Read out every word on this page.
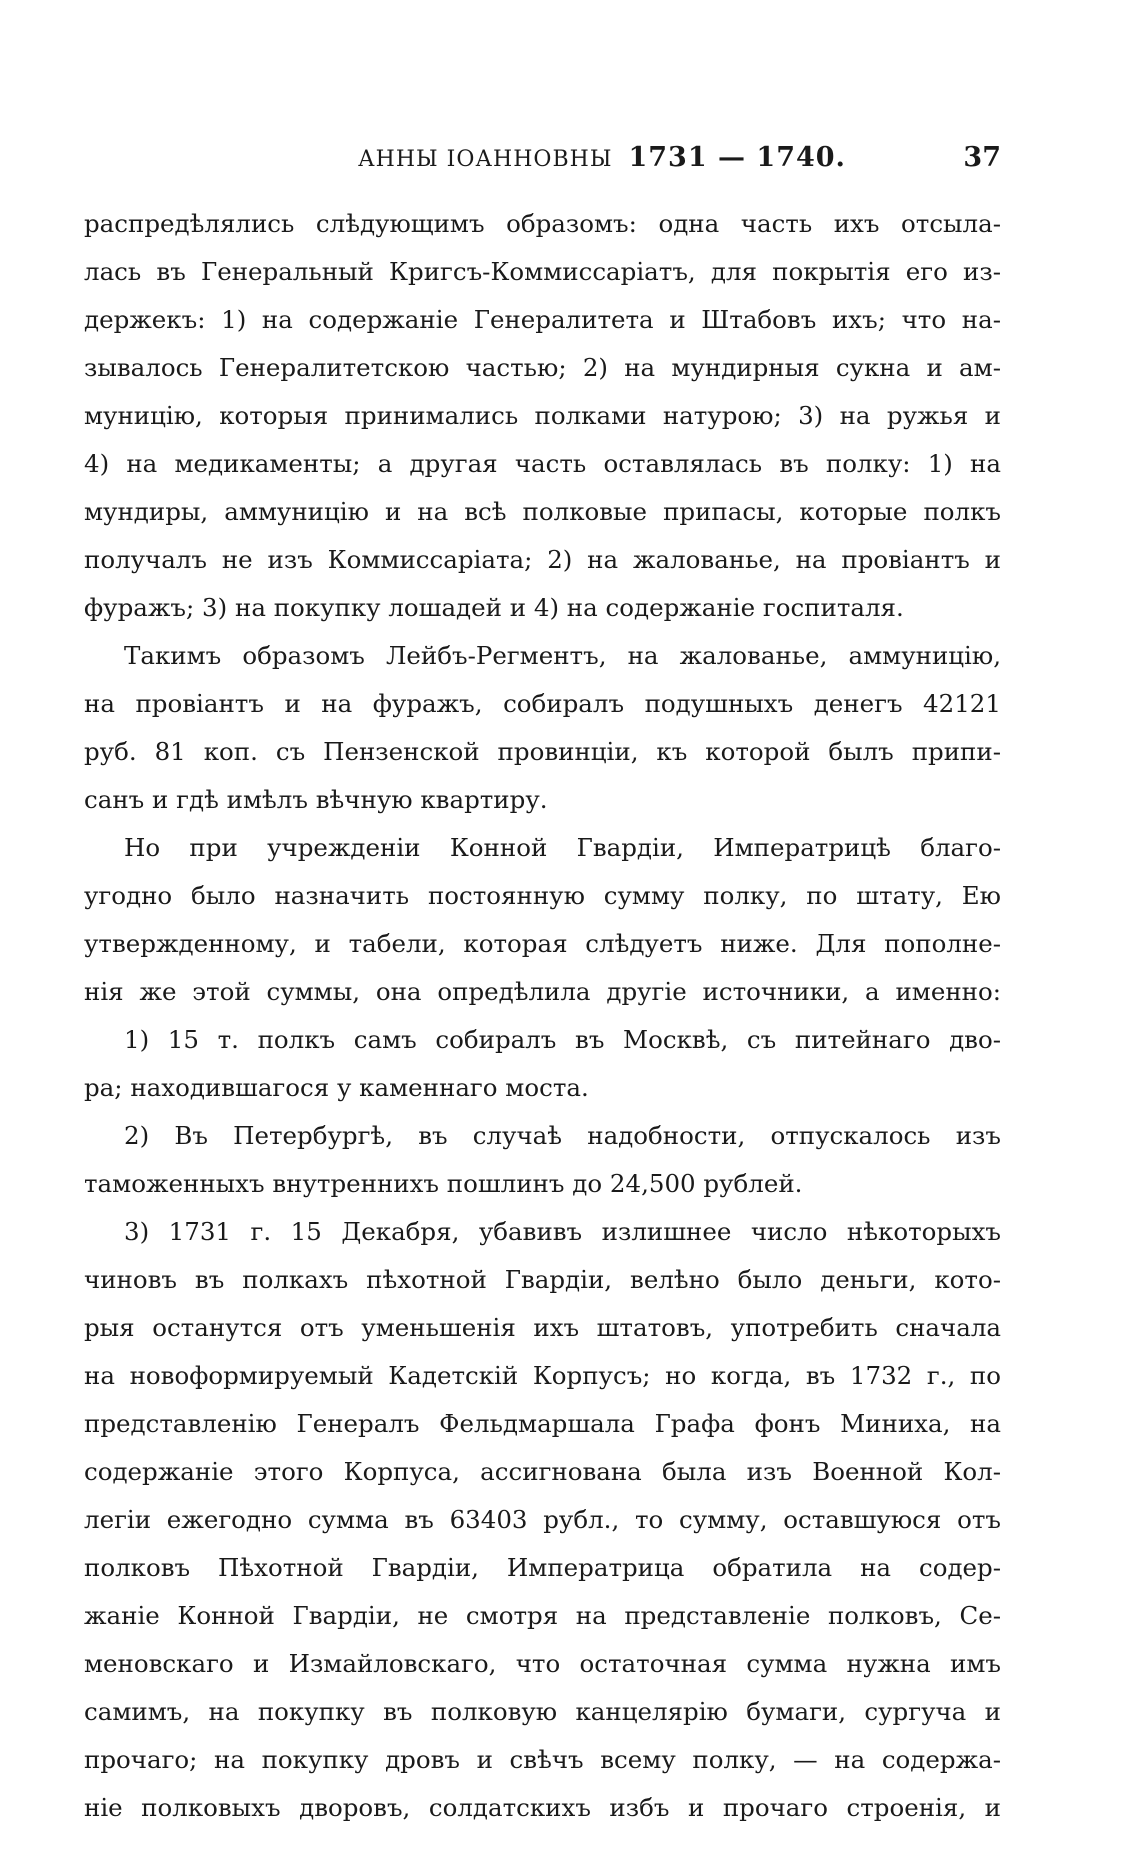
АННЫ ІОАННОВНЫ 1731 — 1740.	37
распредѣлялись слѣдующимъ образомъ: одна часть ихъ отсыла-
лась въ Генеральный Кригсъ-Коммиссаріатъ, для покрытія его из-
держекъ: 1) на содержаніе Генералитета и Штабовъ ихъ; что на-
зывалось Генералитетскою частью; 2) на мундирныя сукна и ам-
муницію, которыя принимались полками натурою; 3) на ружья и
4) на медикаменты; а другая часть оставлялась въ полку: 1) на
мундиры, аммуницію и на всѣ полковые припасы, которые полкъ
получалъ не изъ Коммиссаріата; 2) на жалованье, на провіантъ и
фуражъ; 3) на покупку лошадей и 4) на содержаніе госпиталя.
Такимъ образомъ Лейбъ-Регментъ, на жалованье, аммуницію,
на провіантъ и на фуражъ, собиралъ подушныхъ денегъ 42121
руб. 81 коп. съ Пензенской провинціи, къ которой былъ припи-
санъ и гдѣ имѣлъ вѣчную квартиру.
Но при учрежденіи Конной Гвардіи, Императрицѣ благо-
угодно было назначить постоянную сумму полку, по штату, Ею
утвержденному, и табели, которая слѣдуетъ ниже. Для пополне-
нія же этой суммы, она опредѣлила другіе источники, а именно:
1) 15 т. полкъ самъ собиралъ въ Москвѣ, съ питейнаго дво-
ра; находившагося у каменнаго моста.
2) Въ Петербургѣ, въ случаѣ надобности, отпускалось изъ
таможенныхъ внутреннихъ пошлинъ до 24,500 рублей.
3) 1731 г. 15 Декабря, убавивъ излишнее число нѣкоторыхъ
чиновъ въ полкахъ пѣхотной Гвардіи, велѣно было деньги, кото-
рыя останутся отъ уменьшенія ихъ штатовъ, употребить сначала
на новоформируемый Кадетскій Корпусъ; но когда, въ 1732 г., по
представленію Генералъ Фельдмаршала Графа фонъ Миниха, на
содержаніе этого Корпуса, ассигнована была изъ Военной Кол-
легіи ежегодно сумма въ 63403 рубл., то сумму, оставшуюся отъ
полковъ Пѣхотной Гвардіи, Императрица обратила на содер-
жаніе Конной Гвардіи, не смотря на представленіе полковъ, Се-
меновскаго и Измайловскаго, что остаточная сумма нужна имъ
самимъ, на покупку въ полковую канцелярію бумаги, сургуча и
прочаго; на покупку дровъ и свѣчъ всему полку, — на содержа-
ніе полковыхъ дворовъ, солдатскихъ избъ и прочаго строенія, и
